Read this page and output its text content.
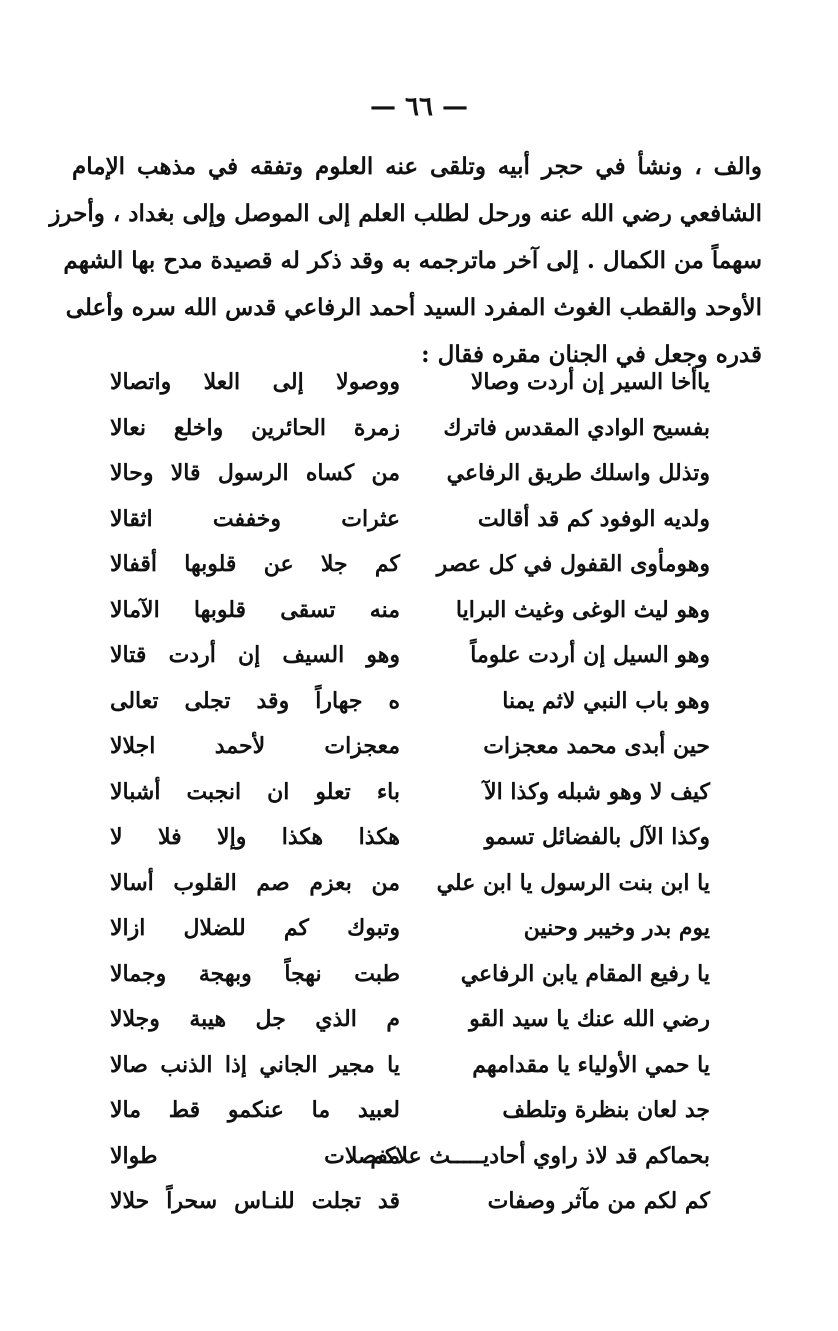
— ٦٦ —
والف ، ونشأ في حجر أبيه وتلقى عنه العلوم وتفقه في مذهب الإمام
الشافعي رضي الله عنه ورحل لطلب العلم إلى الموصل وإلى بغداد ، وأحرز
سهماً من الكمال . إلى آخر ماترجمه به وقد ذكر له قصيدة مدح بها الشهم
الأوحد والقطب الغوث المفرد السيد أحمد الرفاعي قدس الله سره وأعلى
قدره وجعل في الجنان مقره فقال :
ياأخا السير إن أردت وصالا
ووصولا إلى العلا واتصالا
بفسيح الوادي المقدس فاترك
زمرة الحائرين واخلع نعالا
وتذلل واسلك طريق الرفاعي
من كساه الرسول قالا وحالا
ولديه الوفود كم قد أقالت
عثرات وخففت اثقالا
وهومأوى القفول في كل عصر
كم جلا عن قلوبها أقفالا
وهو ليث الوغى وغيث البرايا
منه تسقى قلوبها الآمالا
وهو السيل إن أردت علوماً
وهو السيف إن أردت قتالا
وهو باب النبي لاثم يمنا
ه جهاراً وقد تجلى تعالى
حين أبدى محمد معجزات
معجزات لأحمد اجلالا
كيف لا وهو شبله وكذا الآ
باء تعلو ان انجبت أشبالا
وكذا الآل بالفضائل تسمو
هكذا هكذا وإلا فلا لا
يا ابن بنت الرسول يا ابن علي
من بعزم صم القلوب أسالا
يوم بدر وخيبر وحنين
وتبوك كم للضلال ازالا
يا رفيع المقام يابن الرفاعي
طبت نهجاً وبهجة وجمالا
رضي الله عنك يا سيد القو
م الذي جل هيبة وجلالا
يا حمي الأولياء يا مقدامهم
يا مجير الجاني إذا الذنب صالا
جد لعان بنظرة وتلطف
لعبيد ما عنكمو قط مالا
بحماكم قد لاذ راوي أحاديـــــث علاكم
مفصلات طوالا
كم لكم من مآثر وصفات
قد تجلت للنـاس سحراً حلالا
